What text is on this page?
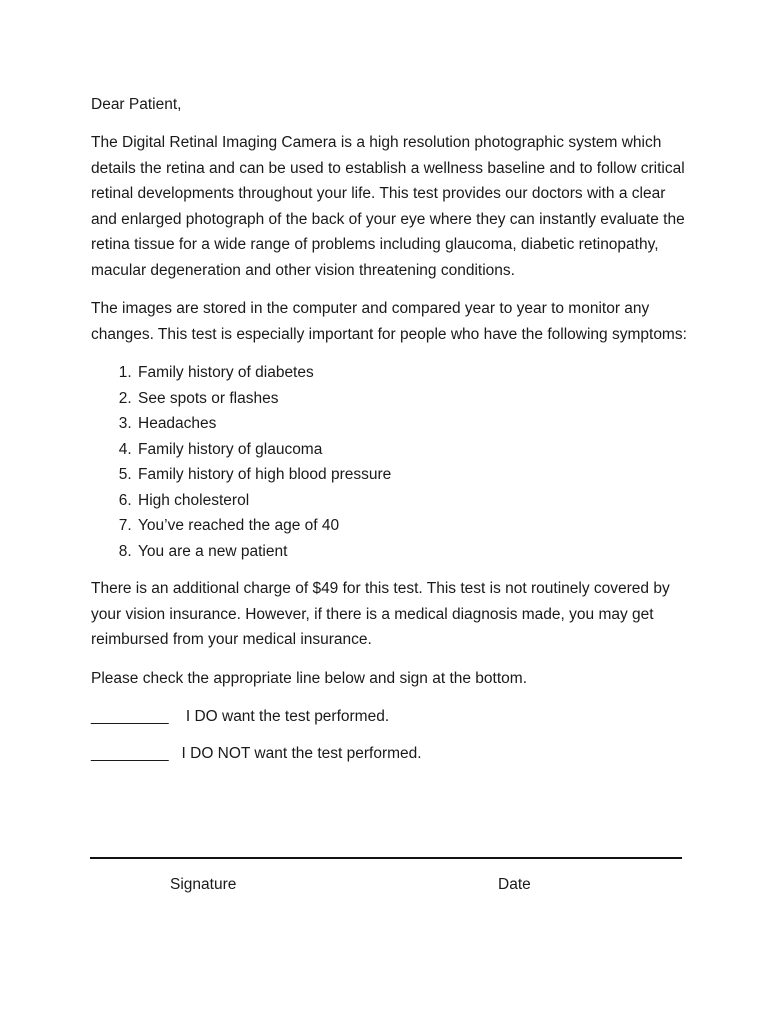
Dear Patient,

The Digital Retinal Imaging Camera is a high resolution photographic system which details the retina and can be used to establish a wellness baseline and to follow critical retinal developments throughout your life. This test provides our doctors with a clear and enlarged photograph of the back of your eye where they can instantly evaluate the retina tissue for a wide range of problems including glaucoma, diabetic retinopathy, macular degeneration and other vision threatening conditions.

The images are stored in the computer and compared year to year to monitor any changes. This test is especially important for people who have the following symptoms:

1. Family history of diabetes
2. See spots or flashes
3. Headaches
4. Family history of glaucoma
5. Family history of high blood pressure
6. High cholesterol
7. You’ve reached the age of 40
8. You are a new patient

There is an additional charge of $49 for this test. This test is not routinely covered by your vision insurance. However, if there is a medical diagnosis made, you may get reimbursed from your medical insurance.

Please check the appropriate line below and sign at the bottom.

_________ I DO want the test performed.
_________ I DO NOT want the test performed.
Signature	Date
